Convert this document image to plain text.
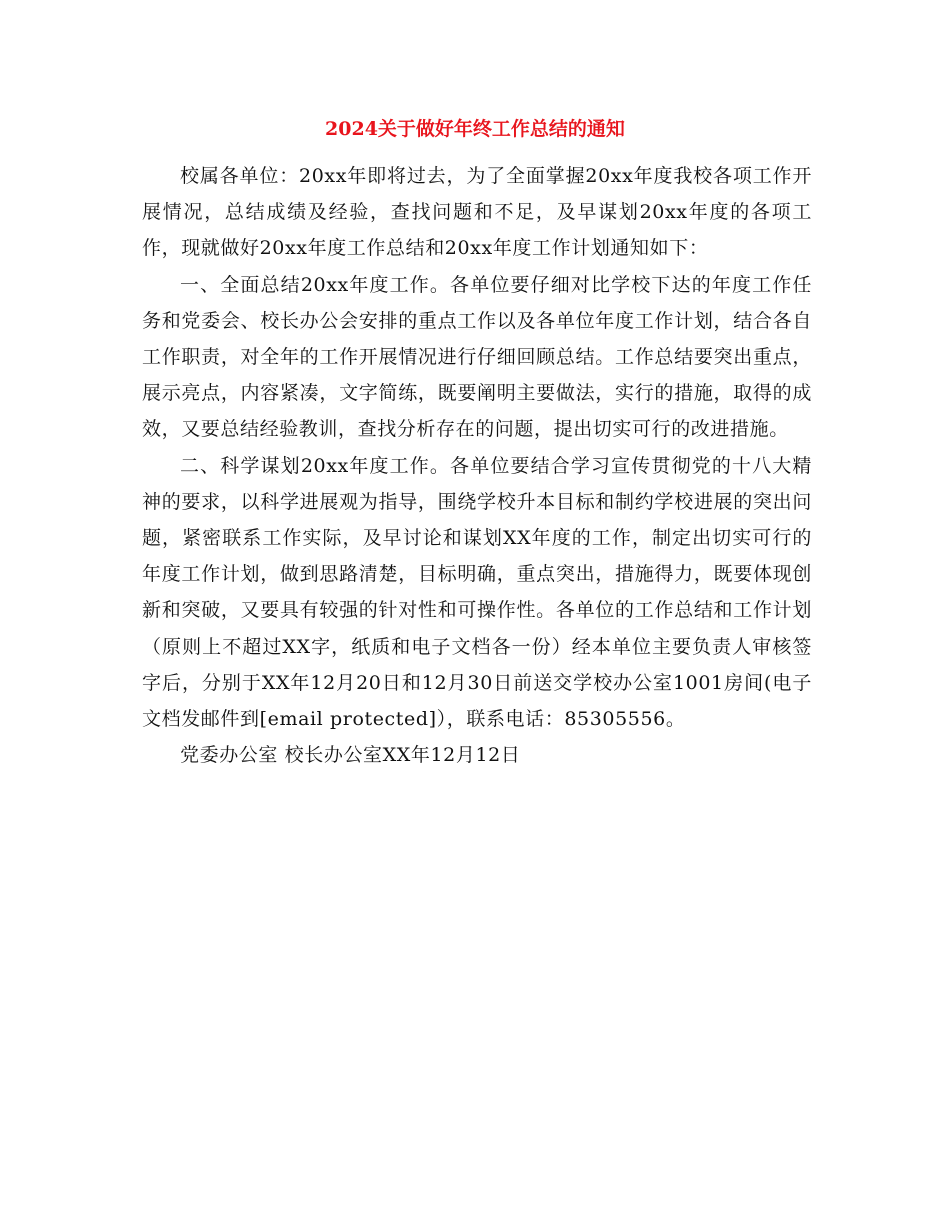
2024关于做好年终工作总结的通知

校属各单位：20xx年即将过去，为了全面掌握20xx年度我校各项工作开展情况，总结成绩及经验，查找问题和不足，及早谋划20xx年度的各项工作，现就做好20xx年度工作总结和20xx年度工作计划通知如下：

一、全面总结20xx年度工作。各单位要仔细对比学校下达的年度工作任务和党委会、校长办公会安排的重点工作以及各单位年度工作计划，结合各自工作职责，对全年的工作开展情况进行仔细回顾总结。工作总结要突出重点，展示亮点，内容紧凑，文字简练，既要阐明主要做法，实行的措施，取得的成效，又要总结经验教训，查找分析存在的问题，提出切实可行的改进措施。

二、科学谋划20xx年度工作。各单位要结合学习宣传贯彻党的十八大精神的要求，以科学进展观为指导，围绕学校升本目标和制约学校进展的突出问题，紧密联系工作实际，及早讨论和谋划XX年度的工作，制定出切实可行的年度工作计划，做到思路清楚，目标明确，重点突出，措施得力，既要体现创新和突破，又要具有较强的针对性和可操作性。各单位的工作总结和工作计划（原则上不超过XX字，纸质和电子文档各一份）经本单位主要负责人审核签字后，分别于XX年12月20日和12月30日前送交学校办公室1001房间(电子文档发邮件到[email protected]），联系电话：85305556。

党委办公室 校长办公室XX年12月12日
